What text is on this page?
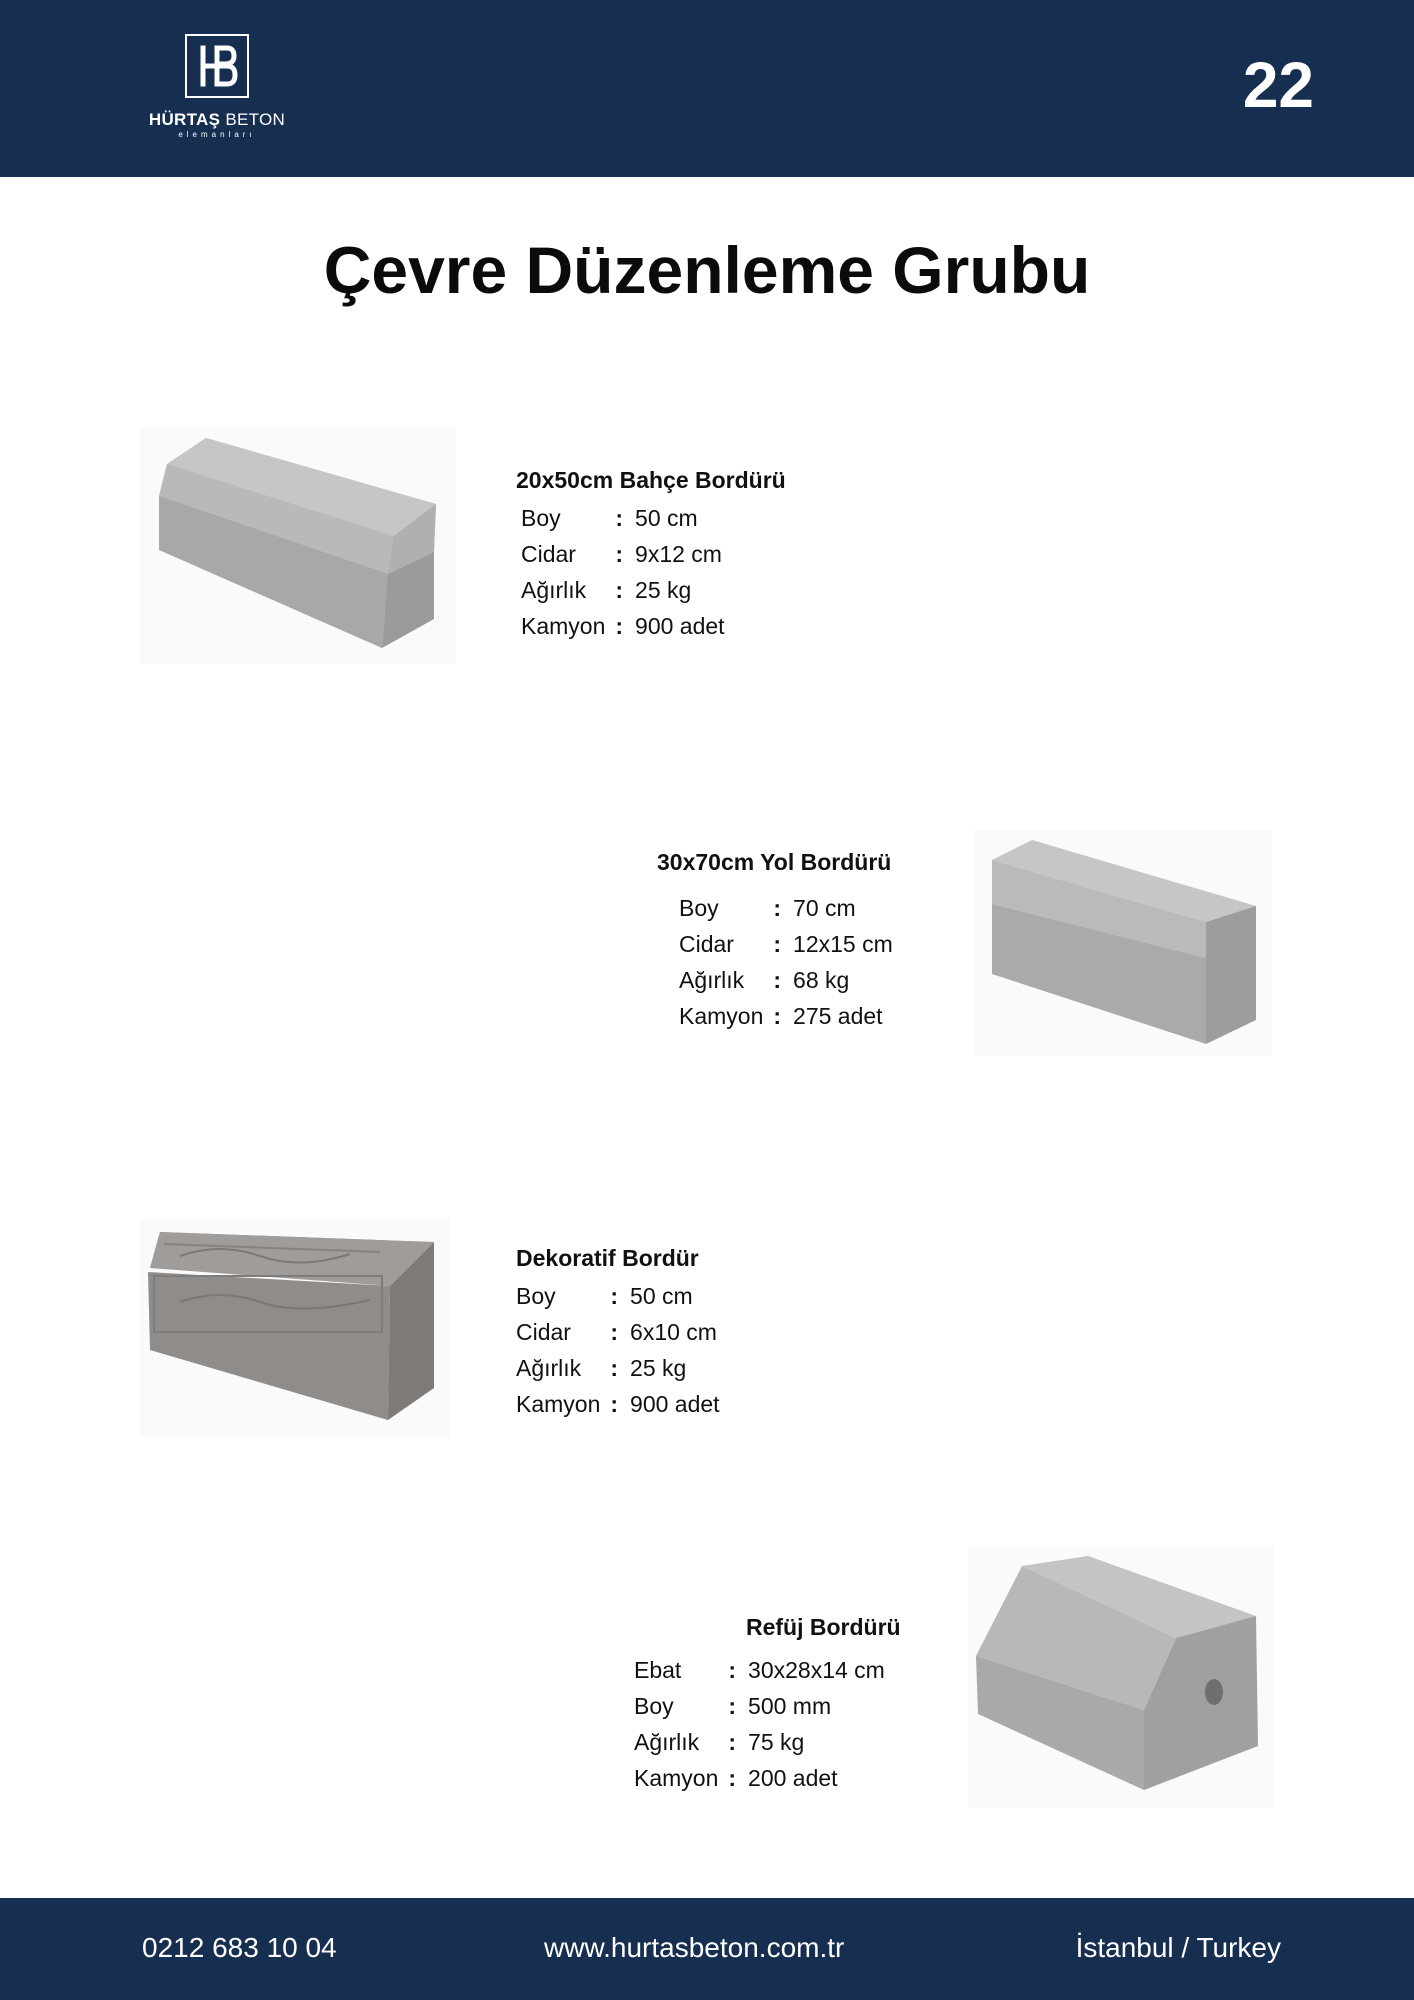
HÜRTAŞ BETON
elemanları
22
Çevre Düzenleme Grubu
20x50cm Bahçe Bordürü
Boy	:	50 cm
Cidar	:	9x12 cm
Ağırlık	:	25 kg
Kamyon	:	900 adet
30x70cm Yol Bordürü
Boy	:	70 cm
Cidar	:	12x15 cm
Ağırlık	:	68 kg
Kamyon	:	275 adet
Dekoratif Bordür
Boy	:	50 cm
Cidar	:	6x10 cm
Ağırlık	:	25 kg
Kamyon	:	900 adet
Refüj Bordürü
Ebat	:	30x28x14 cm
Boy	:	500 mm
Ağırlık	:	75 kg
Kamyon	:	200 adet
0212 683 10 04	www.hurtasbeton.com.tr	İstanbul / Turkey
